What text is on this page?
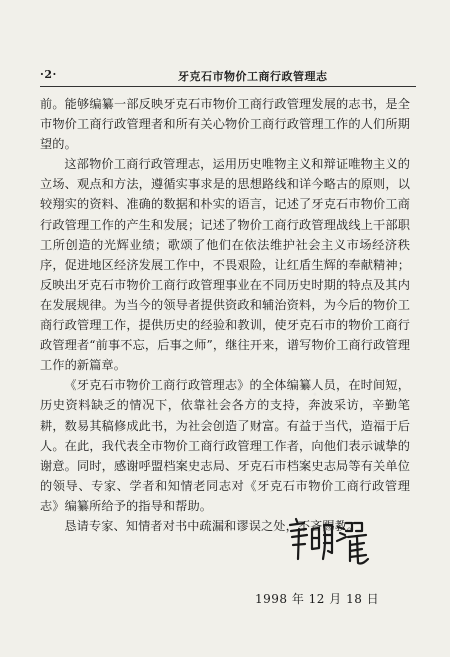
·2·	牙克石市物价工商行政管理志

前。能够编纂一部反映牙克石市物价工商行政管理发展的志书，是全市物价工商行政管理者和所有关心物价工商行政管理工作的人们所期望的。

这部物价工商行政管理志，运用历史唯物主义和辩证唯物主义的立场、观点和方法，遵循实事求是的思想路线和详今略古的原则，以较翔实的资料、准确的数据和朴实的语言，记述了牙克石市物价工商行政管理工作的产生和发展；记述了物价工商行政管理战线上干部职工所创造的光辉业绩；歌颂了他们在依法维护社会主义市场经济秩序，促进地区经济发展工作中，不畏艰险，让红盾生辉的奉献精神；反映出牙克石市物价工商行政管理事业在不同历史时期的特点及其内在发展规律。为当今的领导者提供资政和辅治资料，为今后的物价工商行政管理工作，提供历史的经验和教训，使牙克石市的物价工商行政管理者“前事不忘，后事之师”，继往开来，谱写物价工商行政管理工作的新篇章。

《牙克石市物价工商行政管理志》的全体编纂人员，在时间短，历史资料缺乏的情况下，依靠社会各方的支持，奔波采访，辛勤笔耕，数易其稿修成此书，为社会创造了财富。有益于当代，造福于后人。在此，我代表全市物价工商行政管理工作者，向他们表示诚挚的谢意。同时，感谢呼盟档案史志局、牙克石市档案史志局等有关单位的领导、专家、学者和知情老同志对《牙克石市物价工商行政管理志》编纂所给予的指导和帮助。

恳请专家、知情者对书中疏漏和谬误之处，不吝赐教。

1998 年 12 月 18 日
